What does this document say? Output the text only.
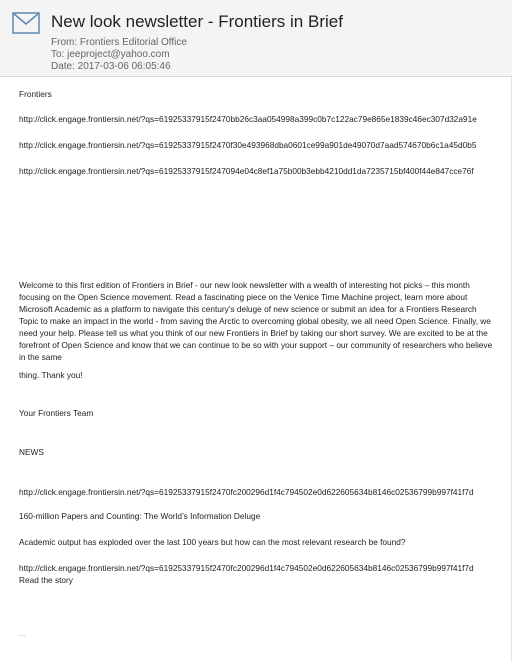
New look newsletter - Frontiers in Brief
From: Frontiers Editorial Office
To: jeeproject@yahoo.com
Date: 2017-03-06 06:05:46
Frontiers
http://click.engage.frontiersin.net/?qs=61925337915f2470bb26c3aa054998a399c0b7c122ac79e865e1839c46ec307d32a91e
http://click.engage.frontiersin.net/?qs=61925337915f2470f30e493968dba0601ce99a901de49070d7aad574670b6c1a45d0b5
http://click.engage.frontiersin.net/?qs=61925337915f247094e04c8ef1a75b00b3ebb4210dd1da7235715bf400f44e847cce76f
Welcome to this first edition of Frontiers in Brief - our new look newsletter with a wealth of interesting hot picks – this month focusing on the Open Science movement. Read a fascinating piece on the Venice Time Machine project, learn more about Microsoft Academic as a platform to navigate this century's deluge of new science or submit an idea for a Frontiers Research Topic to make an impact in the world - from saving the Arctic to overcoming global obesity, we all need Open Science. Finally, we need your help. Please tell us what you think of our new Frontiers in Brief by taking our short survey. We are excited to be at the forefront of Open Science and know that we can continue to be so with your support – our community of researchers who believe in the same
thing. Thank you!
Your Frontiers Team
NEWS
http://click.engage.frontiersin.net/?qs=61925337915f2470fc200296d1f4c794502e0d622605634b8146c02536799b997f41f7d
160-million Papers and Counting: The World’s Information Deluge
Academic output has exploded over the last 100 years but how can the most relevant research be found?
http://click.engage.frontiersin.net/?qs=61925337915f2470fc200296d1f4c794502e0d622605634b8146c02536799b997f41f7d
Read the story
...
